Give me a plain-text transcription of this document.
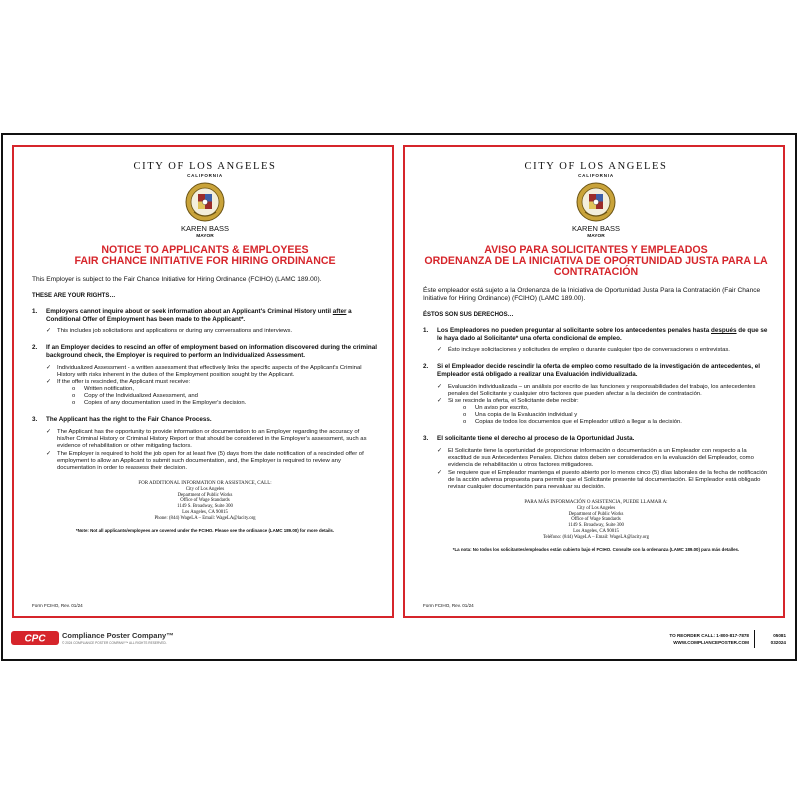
CITY OF LOS ANGELES
CALIFORNIA
KAREN BASS
MAYOR
NOTICE TO APPLICANTS & EMPLOYEES
FAIR CHANCE INITIATIVE FOR HIRING ORDINANCE
This Employer is subject to the Fair Chance Initiative for Hiring Ordinance (FCIHO) (LAMC 189.00).
THESE ARE YOUR RIGHTS…
1.	Employers cannot inquire about or seek information about an Applicant's Criminal History until after a Conditional Offer of Employment has been made to the Applicant*.
✓	This includes job solicitations and applications or during any conversations and interviews.
2.	If an Employer decides to rescind an offer of employment based on information discovered during the criminal background check, the Employer is required to perform an Individualized Assessment.
✓	Individualized Assessment - a written assessment that effectively links the specific aspects of the Applicant's Criminal History with risks inherent in the duties of the Employment position sought by the Applicant.
✓	If the offer is rescinded, the Applicant must receive:
o	Written notification,
o	Copy of the Individualized Assessment, and
o	Copies of any documentation used in the Employer's decision.
3.	The Applicant has the right to the Fair Chance Process.
✓	The Applicant has the opportunity to provide information or documentation to an Employer regarding the accuracy of his/her Criminal History or Criminal History Report or that should be considered in the Employer's assessment, such as evidence of rehabilitation or other mitigating factors.
✓	The Employer is required to hold the job open for at least five (5) days from the date notification of a rescinded offer of employment to allow an Applicant to submit such documentation, and, the Employer is required to review any documentation in order to reassess their decision.
FOR ADDITIONAL INFORMATION OR ASSISTANCE, CALL:
City of Los Angeles
Department of Public Works
Office of Wage Standards
1149 S. Broadway, Suite 300
Los Angeles, CA 90015
Phone: (844) WageLA – Email: WageLA@lacity.org
*Note: Not all applicants/employees are covered under the FCIHO. Please see the ordinance (LAMC 189.00) for more details.
Form FCIHO, Rev. 01/24
CITY OF LOS ANGELES
CALIFORNIA
KAREN BASS
MAYOR
AVISO PARA SOLICITANTES Y EMPLEADOS
ORDENANZA DE LA INICIATIVA DE OPORTUNIDAD JUSTA PARA LA CONTRATACIÓN
Éste empleador está sujeto a la Ordenanza de la Iniciativa de Oportunidad Justa Para la Contratación (Fair Chance Initiative for Hiring Ordinance) (FCIHO) (LAMC 189.00).
ÉSTOS SON SUS DERECHOS…
1.	Los Empleadores no pueden preguntar al solicitante sobre los antecedentes penales hasta después de que se le haya dado al Solicitante* una oferta condicional de empleo.
✓	Ésto incluye solicitaciones y solicitudes de empleo o durante cualquier tipo de conversaciones o entrevistas.
2.	Si el Empleador decide rescindir la oferta de empleo como resultado de la investigación de antecedentes, el Empleador está obligado a realizar una Evaluación individualizada.
✓	Evaluación individualizada – un análisis por escrito de las funciones y responsabilidades del trabajo, los antecedentes penales del Solicitante y cualquier otro factores que pueden afectar a la decisión de contratación.
✓	Si se rescinde la oferta, el Solicitante debe recibir:
o	Un aviso por escrito,
o	Una copia de la Evaluación individual y
o	Copias de todos los documentos que el Empleador utilizó a llegar a la decisión.
3.	El solicitante tiene el derecho al proceso de la Oportunidad Justa.
✓	El Solicitante tiene la oportunidad de proporcionar información o documentación a un Empleador con respecto a la exactitud de sus Antecedentes Penales. Dichos datos deben ser considerados en la evaluación del Empleador, como evidencia de rehabilitación u otros factores mitigadores.
✓	Se requiere que el Empleador mantenga el puesto abierto por lo menos cinco (5) días laborales de la fecha de notificación de la acción adversa propuesta para permitir que el Solicitante presente tal documentación. El Empleador está obligado revisar cualquier documentación para reevaluar su decisión.
PARA MÁS INFORMACIÓN O ASISTENCIA, PUEDE LLAMAR A:
City of Los Angeles
Department of Public Works
Office of Wage Standards
1149 S. Broadway, Suite 300
Los Angeles, CA 90015
Teléfono: (844) WageLA – Email: WageLA@lacity.org
*La nota: No todos los solicitantes/empleados están cubierto bajo el FCIHO. Consulte con la ordenanza (LAMC 189.00) para más detalles.
Form FCIHO, Rev. 01/24
CPC Compliance Poster Company™
© 2024 COMPLIANCE POSTER COMPANY™ ALL RIGHTS RESERVED.
TO REORDER CALL: 1-800-817-7878
WWW.COMPLIANCEPOSTER.COM
05081
032024
